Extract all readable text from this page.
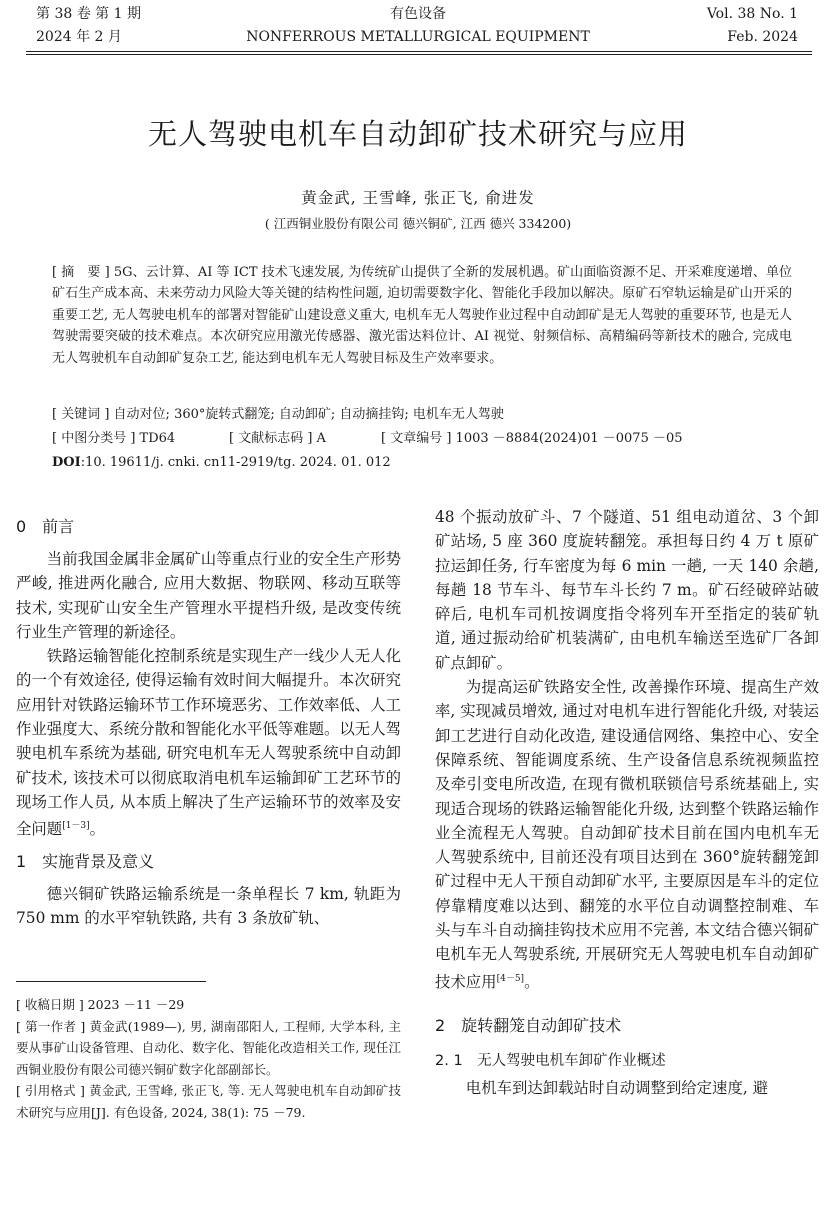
第 38 卷 第 1 期
2024 年 2 月
有色设备
NONFERROUS METALLURGICAL EQUIPMENT
Vol. 38 No. 1
Feb. 2024
无人驾驶电机车自动卸矿技术研究与应用
黄金武, 王雪峰, 张正飞, 俞进发
( 江西铜业股份有限公司 德兴铜矿, 江西 德兴 334200)

[ 摘　要 ] 5G、云计算、AI 等 ICT 技术飞速发展, 为传统矿山提供了全新的发展机遇。矿山面临资源不足、开采难度递增、单位矿石生产成本高、未来劳动力风险大等关键的结构性问题, 迫切需要数字化、智能化手段加以解决。原矿石窄轨运输是矿山开采的重要工艺, 无人驾驶电机车的部署对智能矿山建设意义重大, 电机车无人驾驶作业过程中自动卸矿是无人驾驶的重要环节, 也是无人驾驶需要突破的技术难点。本次研究应用激光传感器、激光雷达料位计、AI 视觉、射频信标、高精编码等新技术的融合, 完成电无人驾驶机车自动卸矿复杂工艺, 能达到电机车无人驾驶目标及生产效率要求。

[ 关键词 ] 自动对位; 360°旋转式翻笼; 自动卸矿; 自动摘挂钩; 电机车无人驾驶
[ 中图分类号 ] TD64	[ 文献标志码 ] A	[ 文章编号 ] 1003 －8884(2024)01 －0075 －05
DOI:10. 19611/j. cnki. cn11-2919/tg. 2024. 01. 012
0　前言

当前我国金属非金属矿山等重点行业的安全生产形势严峻, 推进两化融合, 应用大数据、物联网、移动互联等技术, 实现矿山安全生产管理水平提档升级, 是改变传统行业生产管理的新途径。

铁路运输智能化控制系统是实现生产一线少人无人化的一个有效途径, 使得运输有效时间大幅提升。本次研究应用针对铁路运输环节工作环境恶劣、工作效率低、人工作业强度大、系统分散和智能化水平低等难题。以无人驾驶电机车系统为基础, 研究电机车无人驾驶系统中自动卸矿技术, 该技术可以彻底取消电机车运输卸矿工艺环节的现场工作人员, 从本质上解决了生产运输环节的效率及安全问题[1－3]。

1　实施背景及意义

德兴铜矿铁路运输系统是一条单程长 7 km, 轨距为 750 mm 的水平窄轨铁路, 共有 3 条放矿轨、

[ 收稿日期 ] 2023 －11 －29

[ 第一作者 ] 黄金武(1989—), 男, 湖南邵阳人, 工程师, 大学本科, 主要从事矿山设备管理、自动化、数字化、智能化改造相关工作, 现任江西铜业股份有限公司德兴铜矿数字化部副部长。

[ 引用格式 ] 黄金武, 王雪峰, 张正飞, 等. 无人驾驶电机车自动卸矿技术研究与应用[J]. 有色设备, 2024, 38(1): 75 －79.

48 个振动放矿斗、7 个隧道、51 组电动道岔、3 个卸矿站场, 5 座 360 度旋转翻笼。承担每日约 4 万 t 原矿拉运卸任务, 行车密度为每 6 min 一趟, 一天 140 余趟, 每趟 18 节车斗、每节车斗长约 7 m。矿石经破碎站破碎后, 电机车司机按调度指令将列车开至指定的装矿轨道, 通过振动给矿机装满矿, 由电机车输送至选矿厂各卸矿点卸矿。

为提高运矿铁路安全性, 改善操作环境、提高生产效率, 实现减员增效, 通过对电机车进行智能化升级, 对装运卸工艺进行自动化改造, 建设通信网络、集控中心、安全保障系统、智能调度系统、生产设备信息系统视频监控及牵引变电所改造, 在现有微机联锁信号系统基础上, 实现适合现场的铁路运输智能化升级, 达到整个铁路运输作业全流程无人驾驶。自动卸矿技术目前在国内电机车无人驾驶系统中, 目前还没有项目达到在 360°旋转翻笼卸矿过程中无人干预自动卸矿水平, 主要原因是车斗的定位停靠精度难以达到、翻笼的水平位自动调整控制难、车头与车斗自动摘挂钩技术应用不完善, 本文结合德兴铜矿电机车无人驾驶系统, 开展研究无人驾驶电机车自动卸矿技术应用[4－5]。

2　旋转翻笼自动卸矿技术
2. 1　无人驾驶电机车卸矿作业概述

电机车到达卸载站时自动调整到给定速度, 避
